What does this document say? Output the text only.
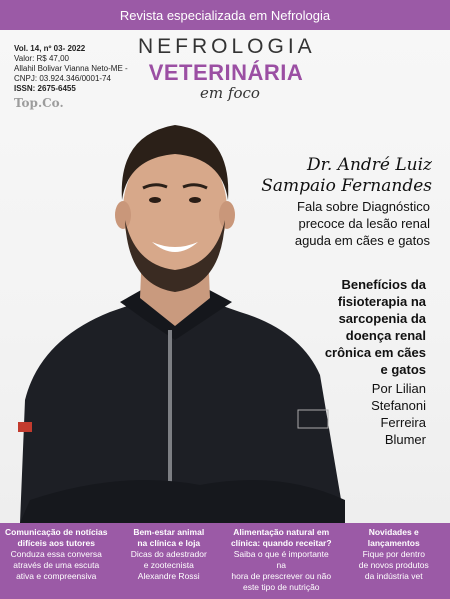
Revista especializada em Nefrologia
Vol. 14, nº 03- 2022
Valor: R$ 47,00
Allahil Bolivar Vianna Neto-ME -
CNPJ: 03.924.346/0001-74
ISSN: 2675-6455
Top.Co.
NEFROLOGIA
VETERINÁRIA
em foco
Dr. André Luiz
Sampaio Fernandes
Fala sobre Diagnóstico
precoce da lesão renal
aguda em cães e gatos
Benefícios da
fisioterapia na
sarcopenia da
doença renal
crônica em cães
e gatos
Por Lilian
Stefanoni
Ferreira
Blumer
Comunicação de notícias
difíceis aos tutores
Conduza essa conversa
através de uma escuta
ativa e compreensiva
Bem-estar animal
na clínica e loja
Dicas do adestrador
e zootecnista
Alexandre Rossi
Alimentação natural em
clínica: quando receitar?
Saiba o que é importante na
hora de prescrever ou não
este tipo de nutrição
Novidades e
lançamentos
Fique por dentro
de novos produtos
da indústria vet
